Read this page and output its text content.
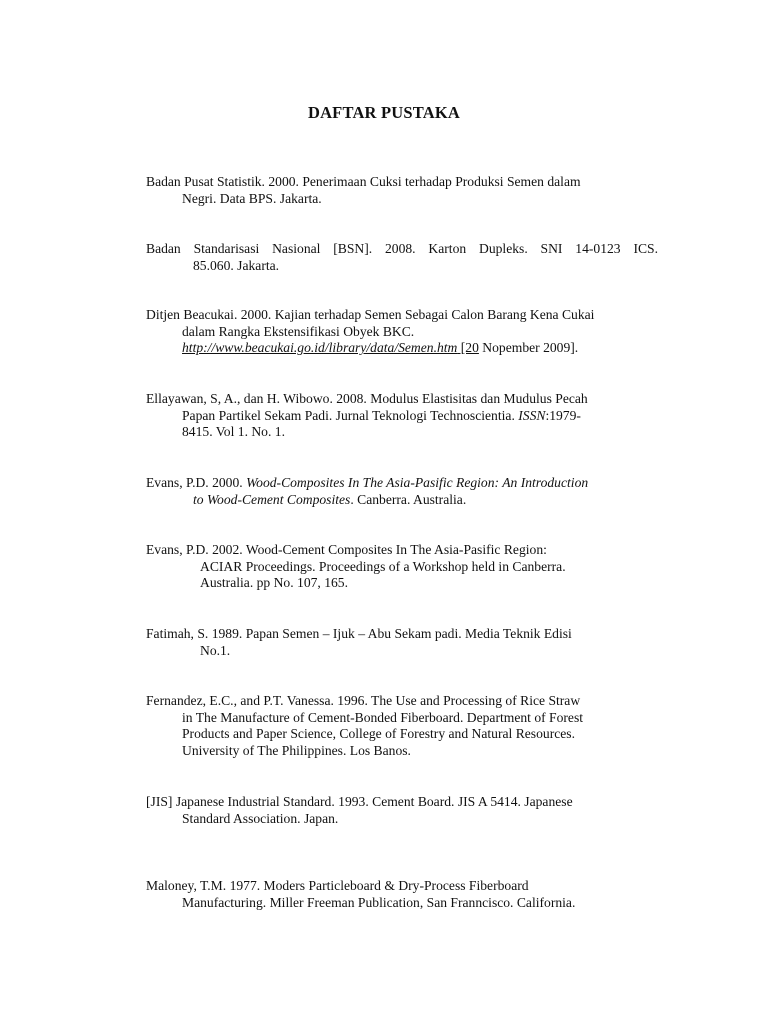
DAFTAR PUSTAKA
Badan Pusat Statistik. 2000. Penerimaan Cuksi terhadap Produksi Semen dalam
Negri. Data BPS. Jakarta.
Badan Standarisasi Nasional [BSN]. 2008. Karton Dupleks. SNI 14-0123 ICS.
85.060. Jakarta.
Ditjen Beacukai. 2000. Kajian terhadap Semen Sebagai Calon Barang Kena Cukai
dalam Rangka Ekstensifikasi Obyek BKC.
http://www.beacukai.go.id/library/data/Semen.htm [20 Nopember 2009].
Ellayawan, S, A., dan H. Wibowo. 2008. Modulus Elastisitas dan Mudulus Pecah
Papan Partikel Sekam Padi. Jurnal Teknologi Technoscientia. ISSN:1979-
8415. Vol 1. No. 1.
Evans, P.D. 2000. Wood-Composites In The Asia-Pasific Region: An Introduction
to Wood-Cement Composites. Canberra. Australia.
Evans, P.D. 2002. Wood-Cement Composites In The Asia-Pasific Region:
ACIAR Proceedings. Proceedings of a Workshop held in Canberra.
Australia. pp No. 107, 165.
Fatimah, S. 1989. Papan Semen – Ijuk – Abu Sekam padi. Media Teknik Edisi
No.1.
Fernandez, E.C., and P.T. Vanessa. 1996. The Use and Processing of Rice Straw
in The Manufacture of Cement-Bonded Fiberboard. Department of Forest
Products and Paper Science, College of Forestry and Natural Resources.
University of The Philippines. Los Banos.
[JIS] Japanese Industrial Standard. 1993. Cement Board. JIS A 5414. Japanese
Standard Association. Japan.
Maloney, T.M. 1977. Moders Particleboard & Dry-Process Fiberboard
Manufacturing. Miller Freeman Publication, San Franncisco. California.
